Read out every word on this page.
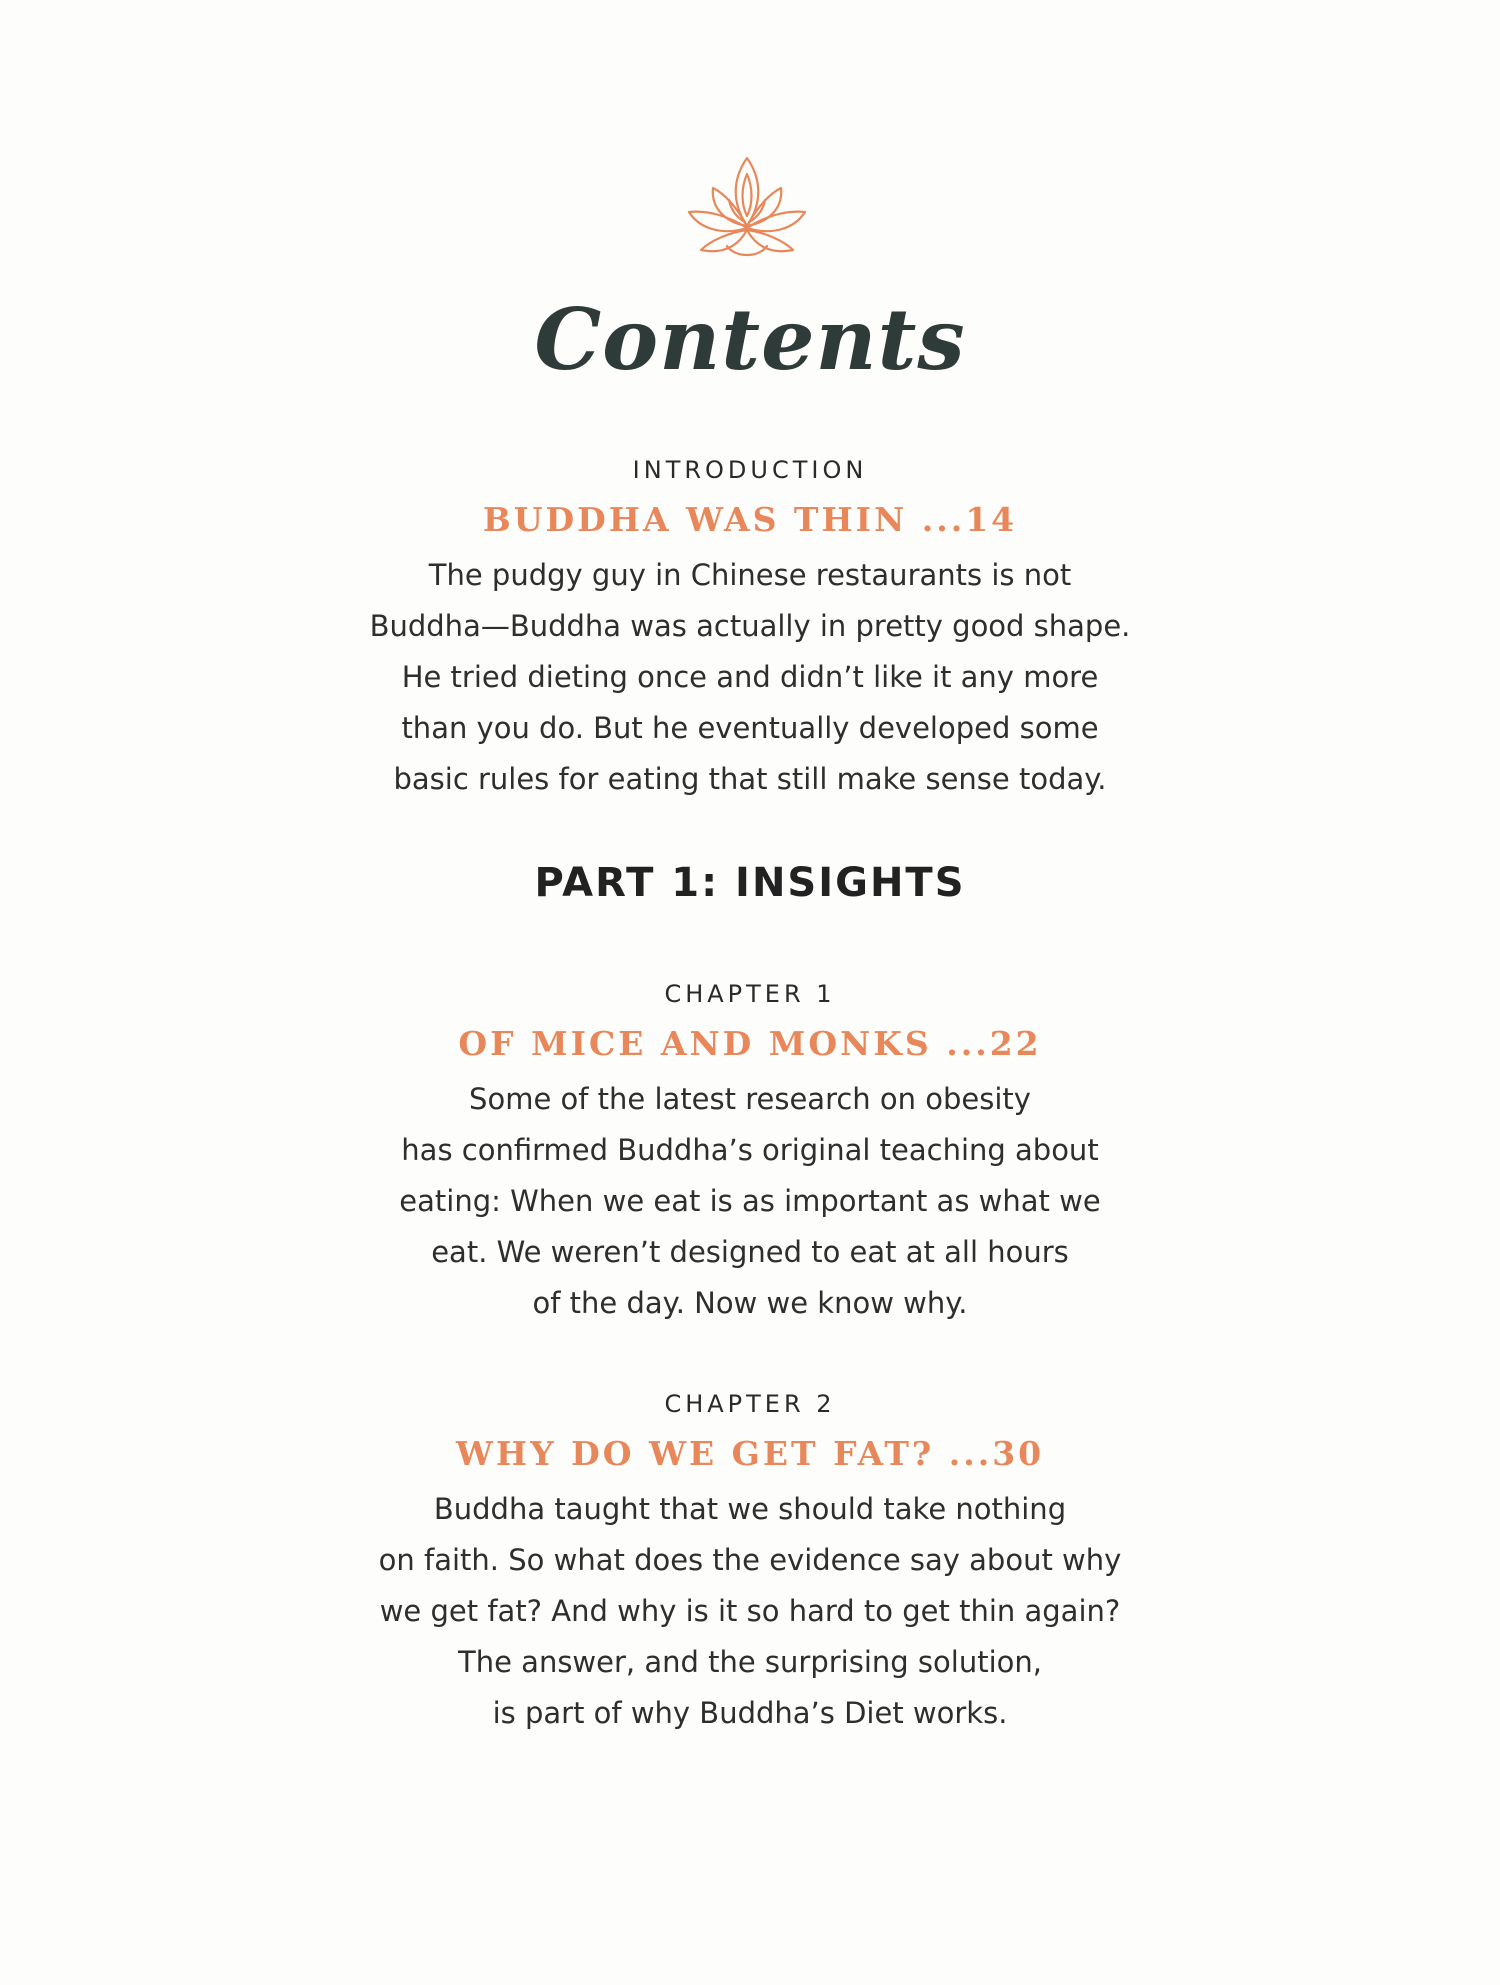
Contents
INTRODUCTION
BUDDHA WAS THIN ...14
The pudgy guy in Chinese restaurants is not
Buddha—Buddha was actually in pretty good shape.
He tried dieting once and didn’t like it any more
than you do. But he eventually developed some
basic rules for eating that still make sense today.
PART 1: INSIGHTS
CHAPTER 1
OF MICE AND MONKS ...22
Some of the latest research on obesity
has confirmed Buddha’s original teaching about
eating: When we eat is as important as what we
eat. We weren’t designed to eat at all hours
of the day. Now we know why.
CHAPTER 2
WHY DO WE GET FAT? ...30
Buddha taught that we should take nothing
on faith. So what does the evidence say about why
we get fat? And why is it so hard to get thin again?
The answer, and the surprising solution,
is part of why Buddha’s Diet works.
